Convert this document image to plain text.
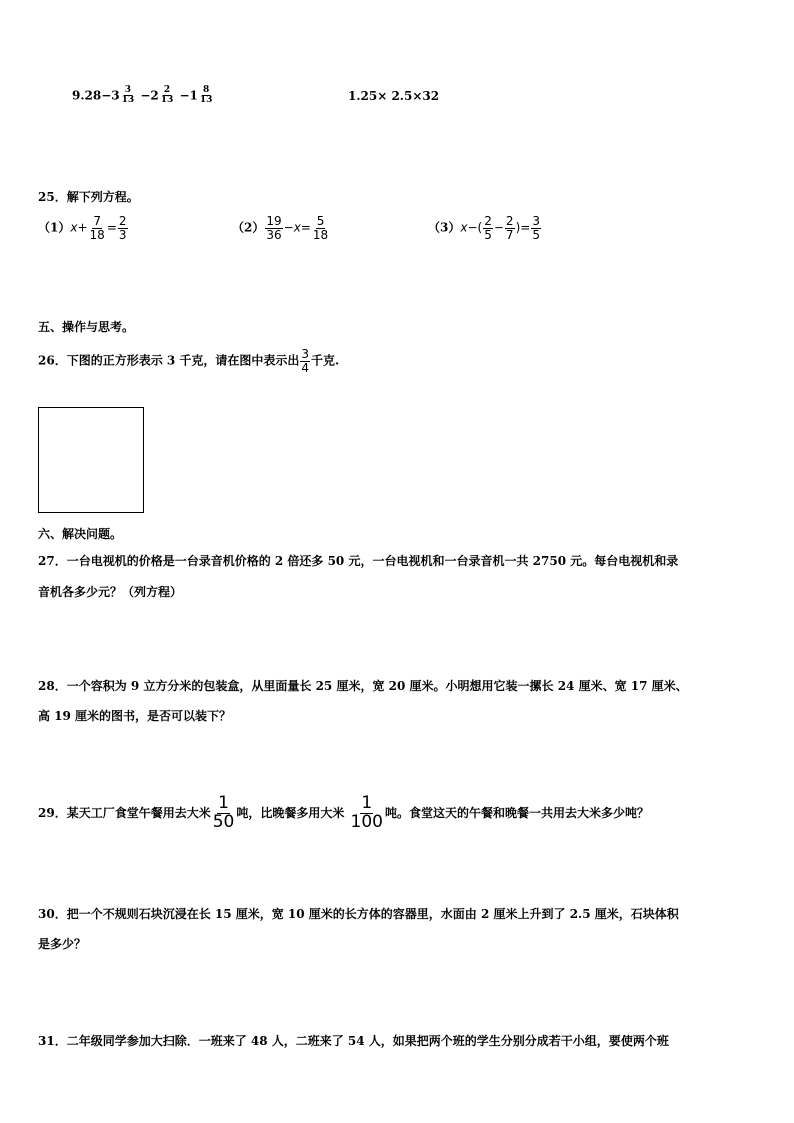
$9.28-3 \frac{3}{13} -2 \frac{2}{13} -1 \frac{8}{13}$	1.25× 2.5×32
25．解下列方程。
$(1)x+ \frac{7}{18} = \frac{2}{3}$	$(2) \frac{19}{36} -x= \frac{5}{18}$	$(3)x-( \frac{2}{5} - \frac{2}{7}$ )= $\frac{3}{5}$
五、操作与思考。
26．下图的正方形表示 3 千克，请在图中表示出 $\frac{3}{4}$ 千克.
六、解决问题。
27．一台电视机的价格是一台录音机价格的 2 倍还多 50 元，一台电视机和一台录音机一共 2750 元。每台电视机和录
音机各多少元？（列方程）
28．一个容积为 9 立方分米的包装盒，从里面量长 25 厘米，宽 20 厘米。小明想用它装一摞长 24 厘米、宽 17 厘米、
高 19 厘米的图书，是否可以装下？
29．某天工厂食堂午餐用去大米 $\frac{1}{50}$ 吨，比晚餐多用大米 $\frac{1}{100}$ 吨。食堂这天的午餐和晚餐一共用去大米多少吨？
30．把一个不规则石块沉浸在长 15 厘米，宽 10 厘米的长方体的容器里，水面由 2 厘米上升到了 2.5 厘米，石块体积
是多少？
31．二年级同学参加大扫除．一班来了 48 人，二班来了 54 人，如果把两个班的学生分别分成若干小组，要使两个班
